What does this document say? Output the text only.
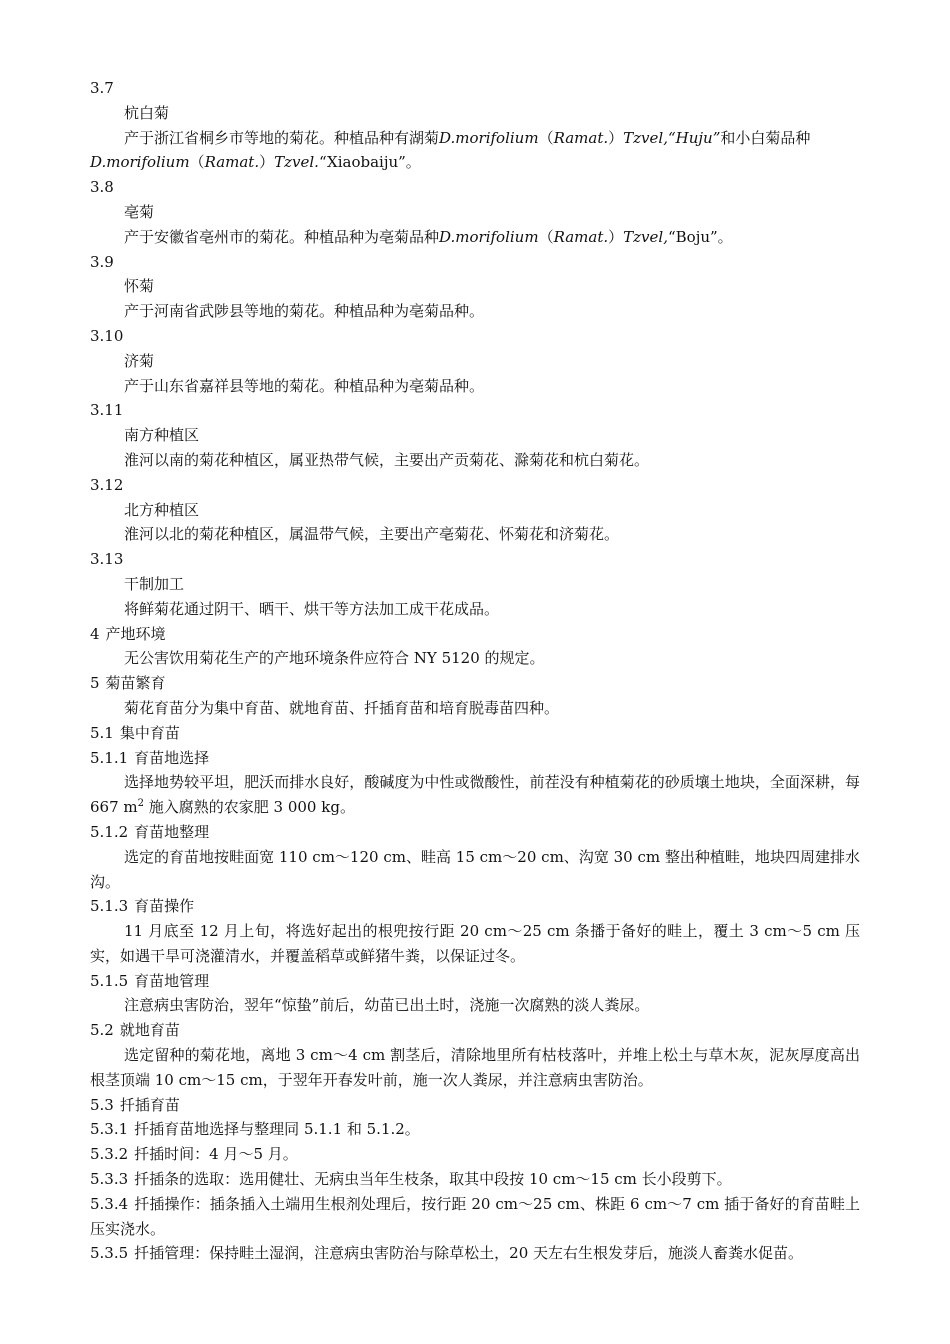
3.7

杭白菊

产于浙江省桐乡市等地的菊花。种植品种有湖菊D.morifolium（Ramat.）Tzvel,“Huju”和小白菊品种
D.morifolium（Ramat.）Tzvel.“Xiaobaiju”。

3.8

亳菊

产于安徽省亳州市的菊花。种植品种为亳菊品种D.morifolium（Ramat.）Tzvel,“Boju”。

3.9

怀菊

产于河南省武陟县等地的菊花。种植品种为亳菊品种。

3.10

济菊

产于山东省嘉祥县等地的菊花。种植品种为亳菊品种。

3.11

南方种植区

淮河以南的菊花种植区，属亚热带气候，主要出产贡菊花、滁菊花和杭白菊花。

3.12

北方种植区

淮河以北的菊花种植区，属温带气候，主要出产亳菊花、怀菊花和济菊花。

3.13

干制加工

将鲜菊花通过阴干、晒干、烘干等方法加工成干花成品。

4 产地环境

无公害饮用菊花生产的产地环境条件应符合 NY 5120 的规定。

5 菊苗繁育

菊花育苗分为集中育苗、就地育苗、扦插育苗和培育脱毒苗四种。

5.1 集中育苗

5.1.1 育苗地选择

选择地势较平坦，肥沃而排水良好，酸碱度为中性或微酸性，前茬没有种植菊花的砂质壤土地块，全面深耕，每 667 $m^2$ 施入腐熟的农家肥 3 000 kg。

5.1.2 育苗地整理

选定的育苗地按畦面宽 110 cm～120 cm、畦高 15 cm～20 cm、沟宽 30 cm 整出种植畦，地块四周建排水沟。

5.1.3 育苗操作

11 月底至 12 月上旬，将选好起出的根兜按行距 20 cm～25 cm 条播于备好的畦上，覆土 3 cm～5 cm 压实，如遇干旱可浇灌清水，并覆盖稻草或鲜猪牛粪，以保证过冬。

5.1.5 育苗地管理

注意病虫害防治，翌年“惊蛰”前后，幼苗已出土时，浇施一次腐熟的淡人粪尿。

5.2 就地育苗

选定留种的菊花地，离地 3 cm～4 cm 割茎后，清除地里所有枯枝落叶，并堆上松土与草木灰，泥灰厚度高出根茎顶端 10 cm～15 cm，于翌年开春发叶前，施一次人粪尿，并注意病虫害防治。

5.3 扦插育苗

5.3.1 扦插育苗地选择与整理同 5.1.1 和 5.1.2。

5.3.2 扦插时间：4 月～5 月。

5.3.3 扦插条的选取：选用健壮、无病虫当年生枝条，取其中段按 10 cm～15 cm 长小段剪下。

5.3.4 扦插操作：插条插入土端用生根剂处理后，按行距 20 cm～25 cm、株距 6 cm～7 cm 插于备好的育苗畦上压实浇水。

5.3.5 扦插管理：保持畦土湿润，注意病虫害防治与除草松土，20 天左右生根发芽后，施淡人畜粪水促苗。
